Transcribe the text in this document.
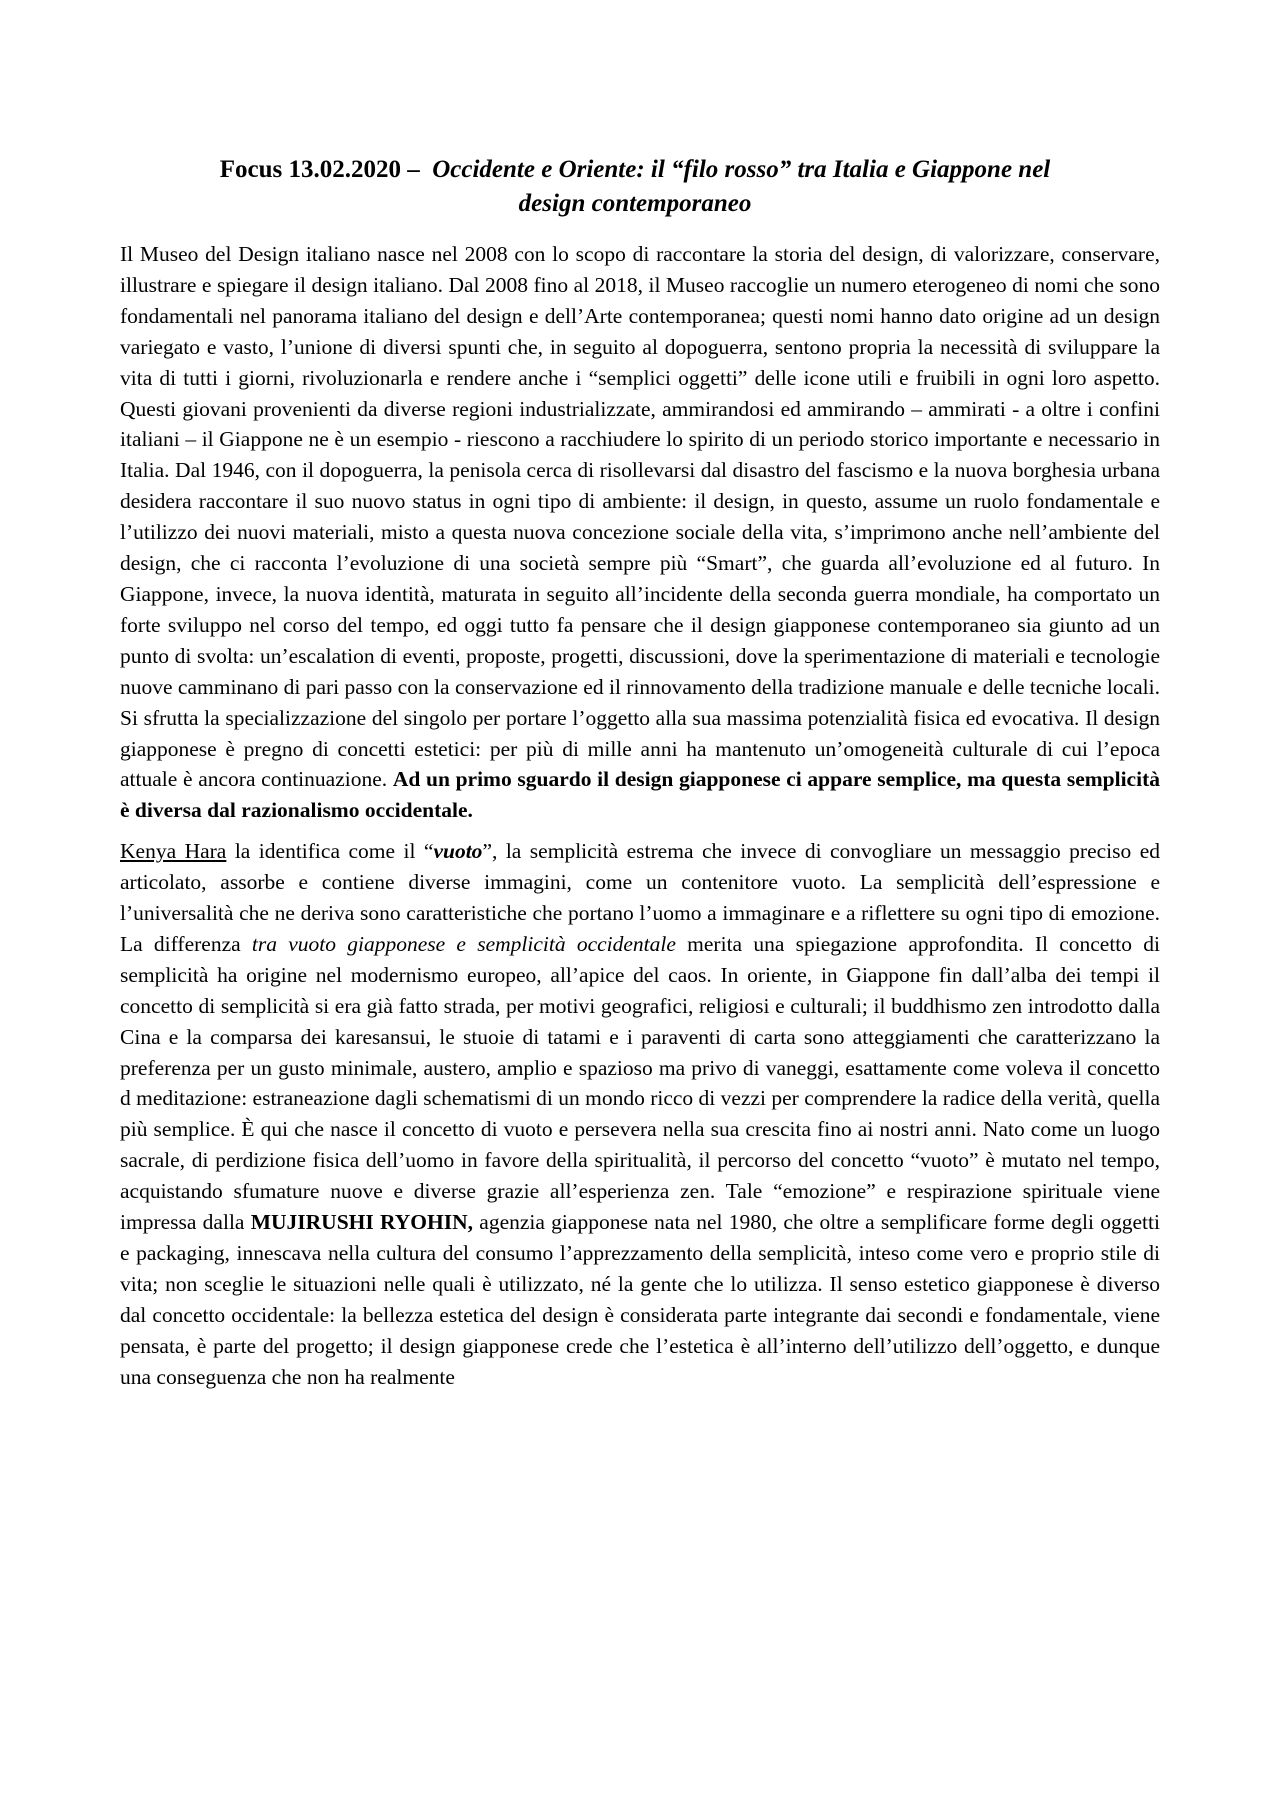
Focus 13.02.2020 – Occidente e Oriente: il “filo rosso” tra Italia e Giappone nel
design contemporaneo

Il Museo del Design italiano nasce nel 2008 con lo scopo di raccontare la storia del design, di valorizzare, conservare, illustrare e spiegare il design italiano. Dal 2008 fino al 2018, il Museo raccoglie un numero eterogeneo di nomi che sono fondamentali nel panorama italiano del design e dell’Arte contemporanea; questi nomi hanno dato origine ad un design variegato e vasto, l’unione di diversi spunti che, in seguito al dopoguerra, sentono propria la necessità di sviluppare la vita di tutti i giorni, rivoluzionarla e rendere anche i “semplici oggetti” delle icone utili e fruibili in ogni loro aspetto. Questi giovani provenienti da diverse regioni industrializzate, ammirandosi ed ammirando – ammirati - a oltre i confini italiani – il Giappone ne è un esempio - riescono a racchiudere lo spirito di un periodo storico importante e necessario in Italia. Dal 1946, con il dopoguerra, la penisola cerca di risollevarsi dal disastro del fascismo e la nuova borghesia urbana desidera raccontare il suo nuovo status in ogni tipo di ambiente: il design, in questo, assume un ruolo fondamentale e l’utilizzo dei nuovi materiali, misto a questa nuova concezione sociale della vita, s’imprimono anche nell’ambiente del design, che ci racconta l’evoluzione di una società sempre più “Smart”, che guarda all’evoluzione ed al futuro. In Giappone, invece, la nuova identità, maturata in seguito all’incidente della seconda guerra mondiale, ha comportato un forte sviluppo nel corso del tempo, ed oggi tutto fa pensare che il design giapponese contemporaneo sia giunto ad un punto di svolta: un’escalation di eventi, proposte, progetti, discussioni, dove la sperimentazione di materiali e tecnologie nuove camminano di pari passo con la conservazione ed il rinnovamento della tradizione manuale e delle tecniche locali. Si sfrutta la specializzazione del singolo per portare l’oggetto alla sua massima potenzialità fisica ed evocativa. Il design giapponese è pregno di concetti estetici: per più di mille anni ha mantenuto un’omogeneità culturale di cui l’epoca attuale è ancora continuazione. Ad un primo sguardo il design giapponese ci appare semplice, ma questa semplicità è diversa dal razionalismo occidentale.

Kenya Hara la identifica come il “vuoto”, la semplicità estrema che invece di convogliare un messaggio preciso ed articolato, assorbe e contiene diverse immagini, come un contenitore vuoto. La semplicità dell’espressione e l’universalità che ne deriva sono caratteristiche che portano l’uomo a immaginare e a riflettere su ogni tipo di emozione. La differenza tra vuoto giapponese e semplicità occidentale merita una spiegazione approfondita. Il concetto di semplicità ha origine nel modernismo europeo, all’apice del caos. In oriente, in Giappone fin dall’alba dei tempi il concetto di semplicità si era già fatto strada, per motivi geografici, religiosi e culturali; il buddhismo zen introdotto dalla Cina e la comparsa dei karesansui, le stuoie di tatami e i paraventi di carta sono atteggiamenti che caratterizzano la preferenza per un gusto minimale, austero, amplio e spazioso ma privo di vaneggi, esattamente come voleva il concetto d meditazione: estraneazione dagli schematismi di un mondo ricco di vezzi per comprendere la radice della verità, quella più semplice. È qui che nasce il concetto di vuoto e persevera nella sua crescita fino ai nostri anni. Nato come un luogo sacrale, di perdizione fisica dell’uomo in favore della spiritualità, il percorso del concetto “vuoto” è mutato nel tempo, acquistando sfumature nuove e diverse grazie all’esperienza zen. Tale “emozione” e respirazione spirituale viene impressa dalla MUJIRUSHI RYOHIN, agenzia giapponese nata nel 1980, che oltre a semplificare forme degli oggetti e packaging, innescava nella cultura del consumo l’apprezzamento della semplicità, inteso come vero e proprio stile di vita; non sceglie le situazioni nelle quali è utilizzato, né la gente che lo utilizza. Il senso estetico giapponese è diverso dal concetto occidentale: la bellezza estetica del design è considerata parte integrante dai secondi e fondamentale, viene pensata, è parte del progetto; il design giapponese crede che l’estetica è all’interno dell’utilizzo dell’oggetto, e dunque una conseguenza che non ha realmente
